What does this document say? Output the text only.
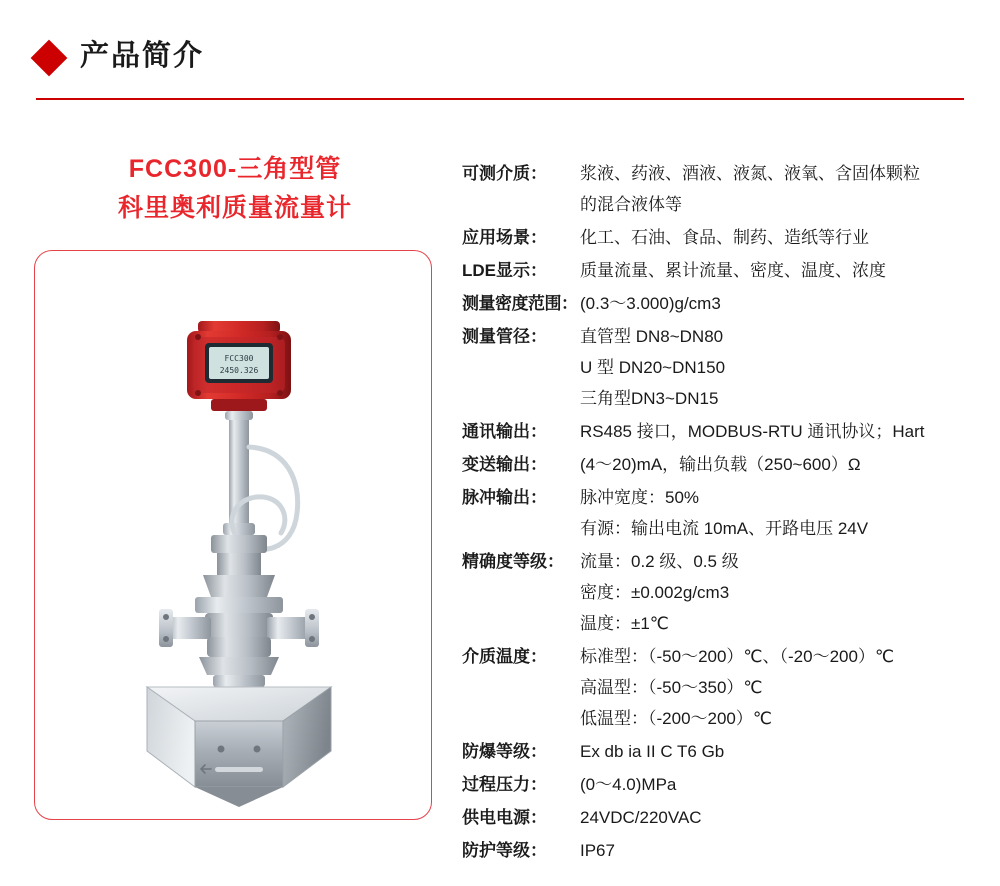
产品简介
FCC300-三角型管
科里奥利质量流量计
FCC300
2450.326
可测介质：	浆液、药液、酒液、液氮、液氧、含固体颗粒
的混合液体等
应用场景：	化工、石油、食品、制药、造纸等行业
LDE显示：	质量流量、累计流量、密度、温度、浓度
测量密度范围： (0.3～3.000)g/cm3
测量管径：	直管型 DN8~DN80
U 型 DN20~DN150
三角型DN3~DN15
通讯输出：	RS485 接口，MODBUS-RTU 通讯协议；Hart
变送输出：	(4～20)mA，输出负载（250~600）Ω
脉冲输出：	脉冲宽度：50%
有源：输出电流 10mA、开路电压 24V
精确度等级： 流量：0.2 级、0.5 级
密度：±0.002g/cm3
温度：±1℃
介质温度：	标准型：（-50～200）℃、（-20～200）℃
高温型：（-50～350）℃
低温型：（-200～200）℃
防爆等级：	Ex db ia II C T6 Gb
过程压力：	(0～4.0)MPa
供电电源：	24VDC/220VAC
防护等级：	IP67
